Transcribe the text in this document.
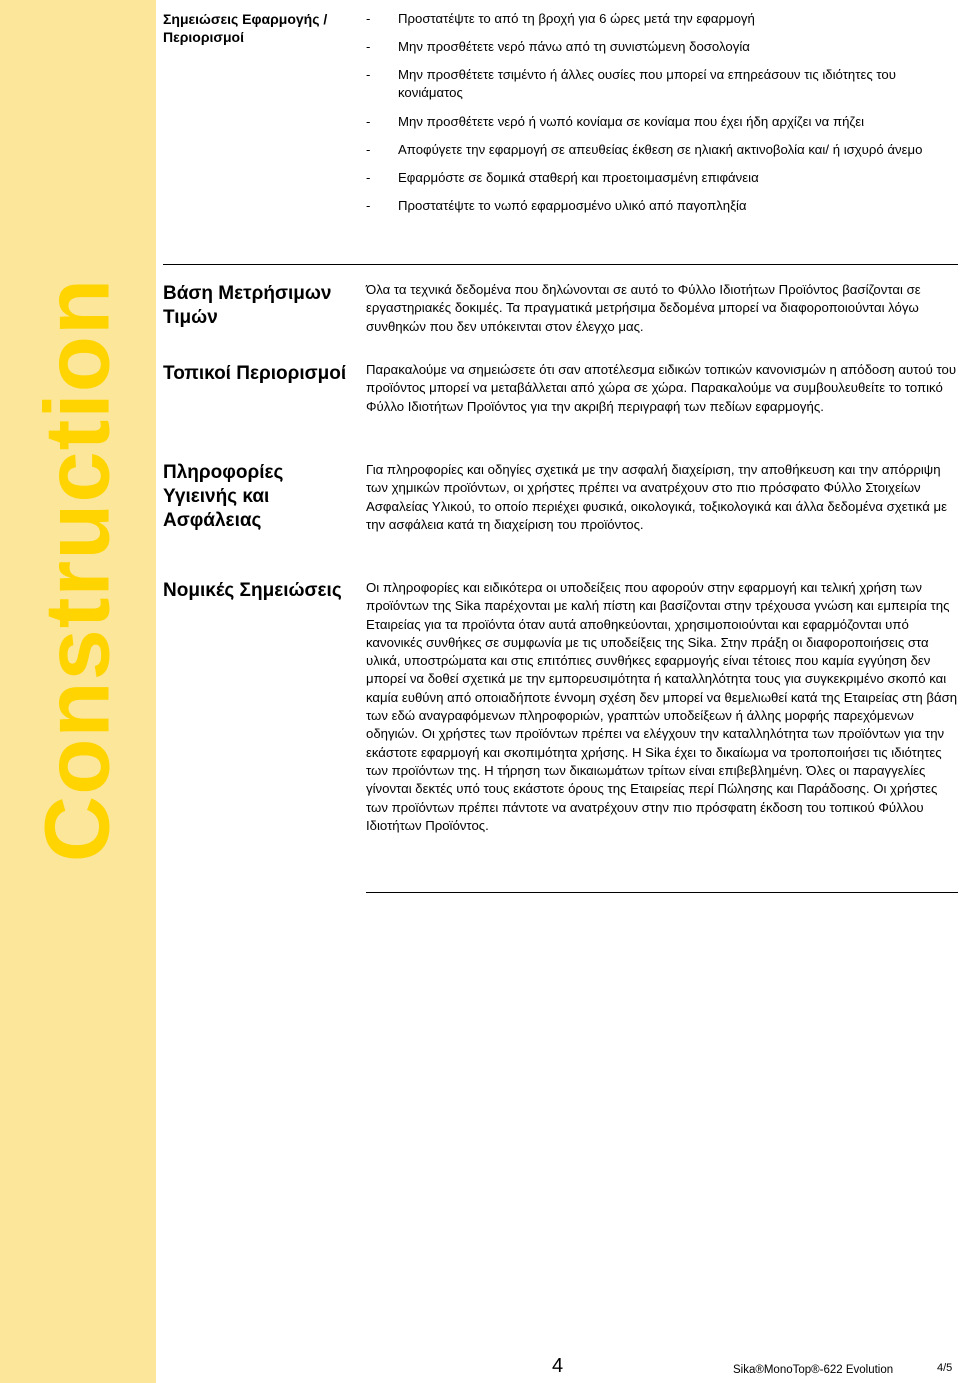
Construction
Σημειώσεις Εφαρμογής / Περιορισμοί
- Προστατέψτε το από τη βροχή για 6 ώρες μετά την εφαρμογή
- Μην προσθέτετε νερό πάνω από τη συνιστώμενη δοσολογία
- Μην προσθέτετε τσιμέντο ή άλλες ουσίες που μπορεί να επηρεάσουν τις ιδιότητες του κονιάματος
- Μην προσθέτετε νερό ή νωπό κονίαμα σε κονίαμα που έχει ήδη αρχίζει να πήζει
- Αποφύγετε την εφαρμογή σε απευθείας έκθεση σε ηλιακή ακτινοβολία και/ ή ισχυρό άνεμο
- Εφαρμόστε σε δομικά σταθερή και προετοιμασμένη επιφάνεια
- Προστατέψτε το νωπό εφαρμοσμένο υλικό από παγοπληξία
Βάση Μετρήσιμων Τιμών
Όλα τα τεχνικά δεδομένα που δηλώνονται σε αυτό το Φύλλο Ιδιοτήτων Προϊόντος βασίζονται σε εργαστηριακές δοκιμές. Τα πραγματικά μετρήσιμα δεδομένα μπορεί να διαφοροποιούνται λόγω συνθηκών που δεν υπόκεινται στον έλεγχο μας.
Τοπικοί Περιορισμοί	Παρακαλούμε να σημειώσετε ότι σαν αποτέλεσμα ειδικών τοπικών κανονισμών η απόδοση αυτού του προϊόντος μπορεί να μεταβάλλεται από χώρα σε χώρα. Παρακαλούμε να συμβουλευθείτε το τοπικό Φύλλο Ιδιοτήτων Προϊόντος για την ακριβή περιγραφή των πεδίων εφαρμογής.
Πληροφορίες Υγιεινής και Ασφάλειας
Για πληροφορίες και οδηγίες σχετικά με την ασφαλή διαχείριση, την αποθήκευση και την απόρριψη των χημικών προϊόντων, οι χρήστες πρέπει να ανατρέχουν στο πιο πρόσφατο Φύλλο Στοιχείων Ασφαλείας Υλικού, το οποίο περιέχει φυσικά, οικολογικά, τοξικολογικά και άλλα δεδομένα σχετικά με την ασφάλεια κατά τη διαχείριση του προϊόντος.
Νομικές Σημειώσεις	Οι πληροφορίες και ειδικότερα οι υποδείξεις που αφορούν στην εφαρμογή και τελική χρήση των προϊόντων της Sika παρέχονται με καλή πίστη και βασίζονται στην τρέχουσα γνώση και εμπειρία της Εταιρείας για τα προϊόντα όταν αυτά αποθηκεύονται, χρησιμοποιούνται και εφαρμόζονται υπό κανονικές συνθήκες σε συμφωνία με τις υποδείξεις της Sika. Στην πράξη οι διαφοροποιήσεις στα υλικά, υποστρώματα και στις επιτόπιες συνθήκες εφαρμογής είναι τέτοιες που καμία εγγύηση δεν μπορεί να δοθεί σχετικά με την εμπορευσιμότητα ή καταλληλότητα τους για συγκεκριμένο σκοπό και καμία ευθύνη από οποιαδήποτε έννομη σχέση δεν μπορεί να θεμελιωθεί κατά της Εταιρείας στη βάση των εδώ αναγραφόμενων πληροφοριών, γραπτών υποδείξεων ή άλλης μορφής παρεχόμενων οδηγιών. Οι χρήστες των προϊόντων πρέπει να ελέγχουν την καταλληλότητα των προϊόντων για την εκάστοτε εφαρμογή και σκοπιμότητα χρήσης. Η Sika έχει το δικαίωμα να τροποποιήσει τις ιδιότητες των προϊόντων της. Η τήρηση των δικαιωμάτων τρίτων είναι επιβεβλημένη. Όλες οι παραγγελίες γίνονται δεκτές υπό τους εκάστοτε όρους της Εταιρείας περί Πώλησης και Παράδοσης. Οι χρήστες των προϊόντων πρέπει πάντοτε να ανατρέχουν στην πιο πρόσφατη έκδοση του τοπικού Φύλλου Ιδιοτήτων Προϊόντος.
4	Sika®MonoTop®-622 Evolution	4/5
